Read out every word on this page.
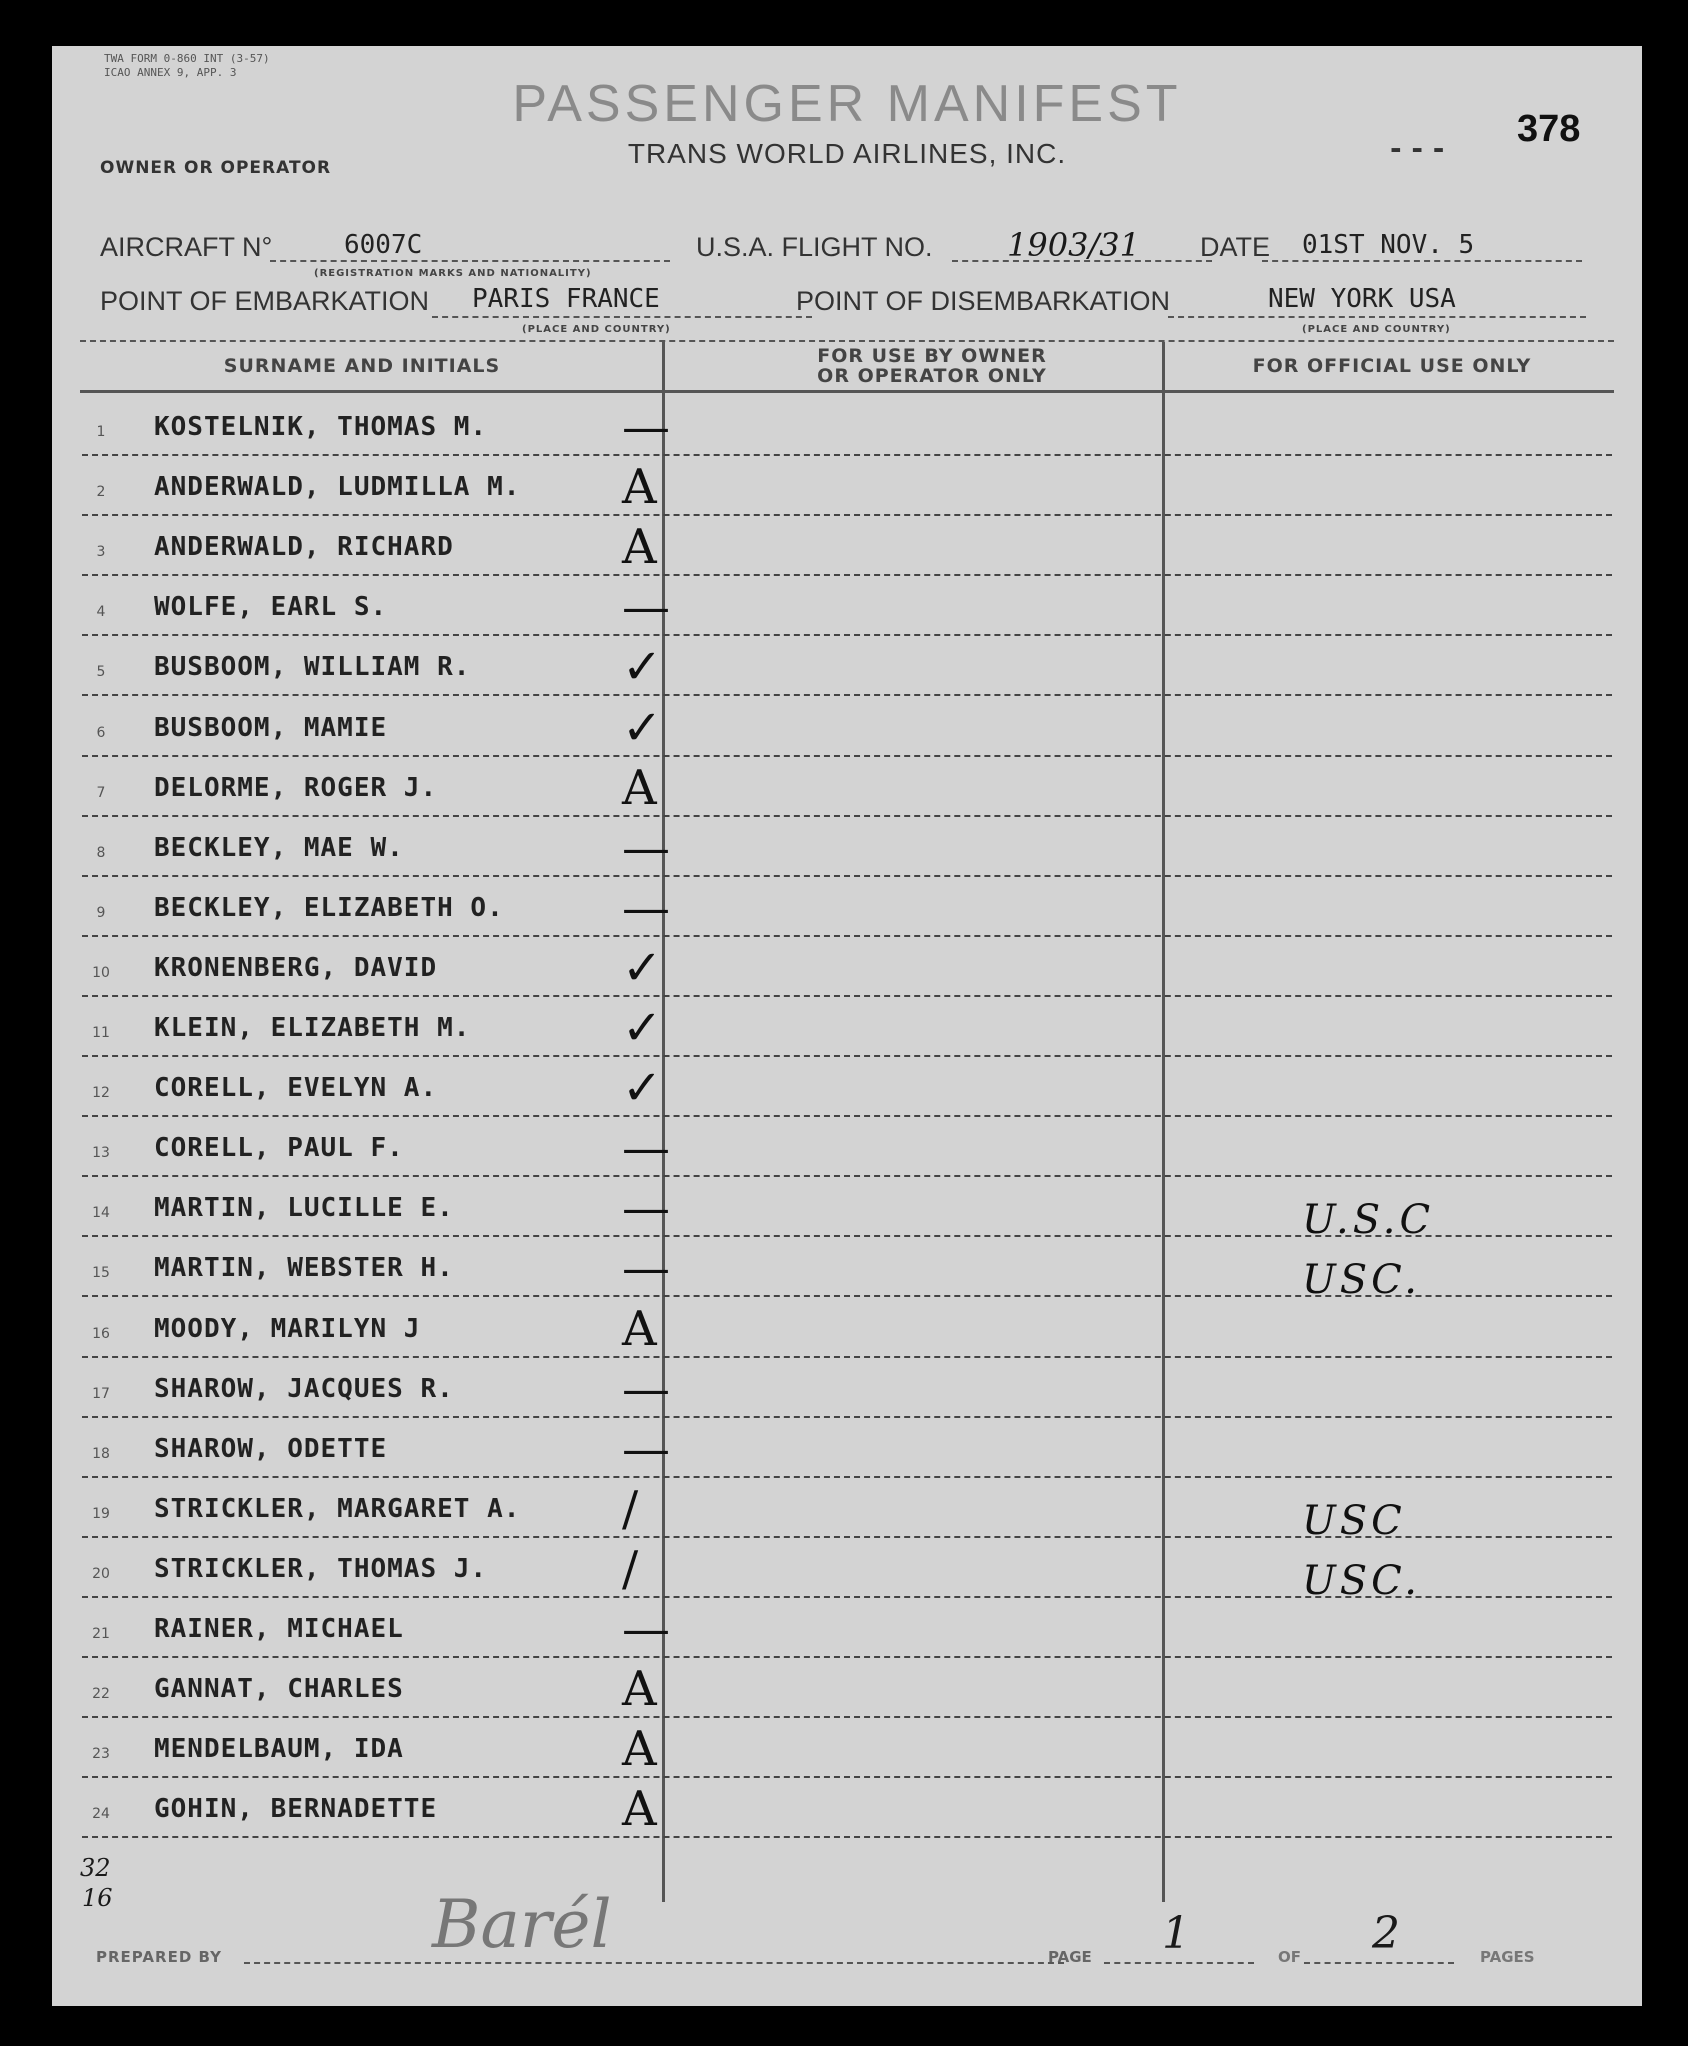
TWA FORM 0-860 INT (3-57)
ICAO ANNEX 9, APP. 3
PASSENGER MANIFEST
TRANS WORLD AIRLINES, INC.	- - - 378
OWNER OR OPERATOR
AIRCRAFT N°	6007C
(REGISTRATION MARKS AND NATIONALITY)
U.S.A. FLIGHT NO. 1903/31 DATE 01ST NOV. 5
POINT OF EMBARKATION PARIS FRANCE
(PLACE AND COUNTRY)
POINT OF DISEMBARKATION	NEW YORK USA
(PLACE AND COUNTRY)
SURNAME AND INITIALS	FOR USE BY OWNER
OR OPERATOR ONLY	FOR OFFICIAL USE ONLY
1	KOSTELNIK, THOMAS M.	—
2	ANDERWALD, LUDMILLA M. A
3	ANDERWALD, RICHARD	A
4	WOLFE, EARL S.	—
5	BUSBOOM, WILLIAM R.	✓
6	BUSBOOM, MAMIE	✓
7	DELORME, ROGER J.	A
8	BECKLEY, MAE W.	—
9	BECKLEY, ELIZABETH O. —
10	KRONENBERG, DAVID	✓
11	KLEIN, ELIZABETH M.	✓
12	CORELL, EVELYN A.	✓
13	CORELL, PAUL F.	—
14	MARTIN, LUCILLE E.	—	U.S.C
15	MARTIN, WEBSTER H.	—	USC.
16	MOODY, MARILYN J	A
17	SHAROW, JACQUES R.	—
18	SHAROW, ODETTE	—
19	STRICKLER, MARGARET A. /	USC
20	STRICKLER, THOMAS J.	/	USC.
21	RAINER, MICHAEL	—
22	GANNAT, CHARLES	A
23	MENDELBAUM, IDA	A
24	GOHIN, BERNADETTE	A
32
16
PREPARED BY	Barél	PAGE 1	OF 2	PAGES
